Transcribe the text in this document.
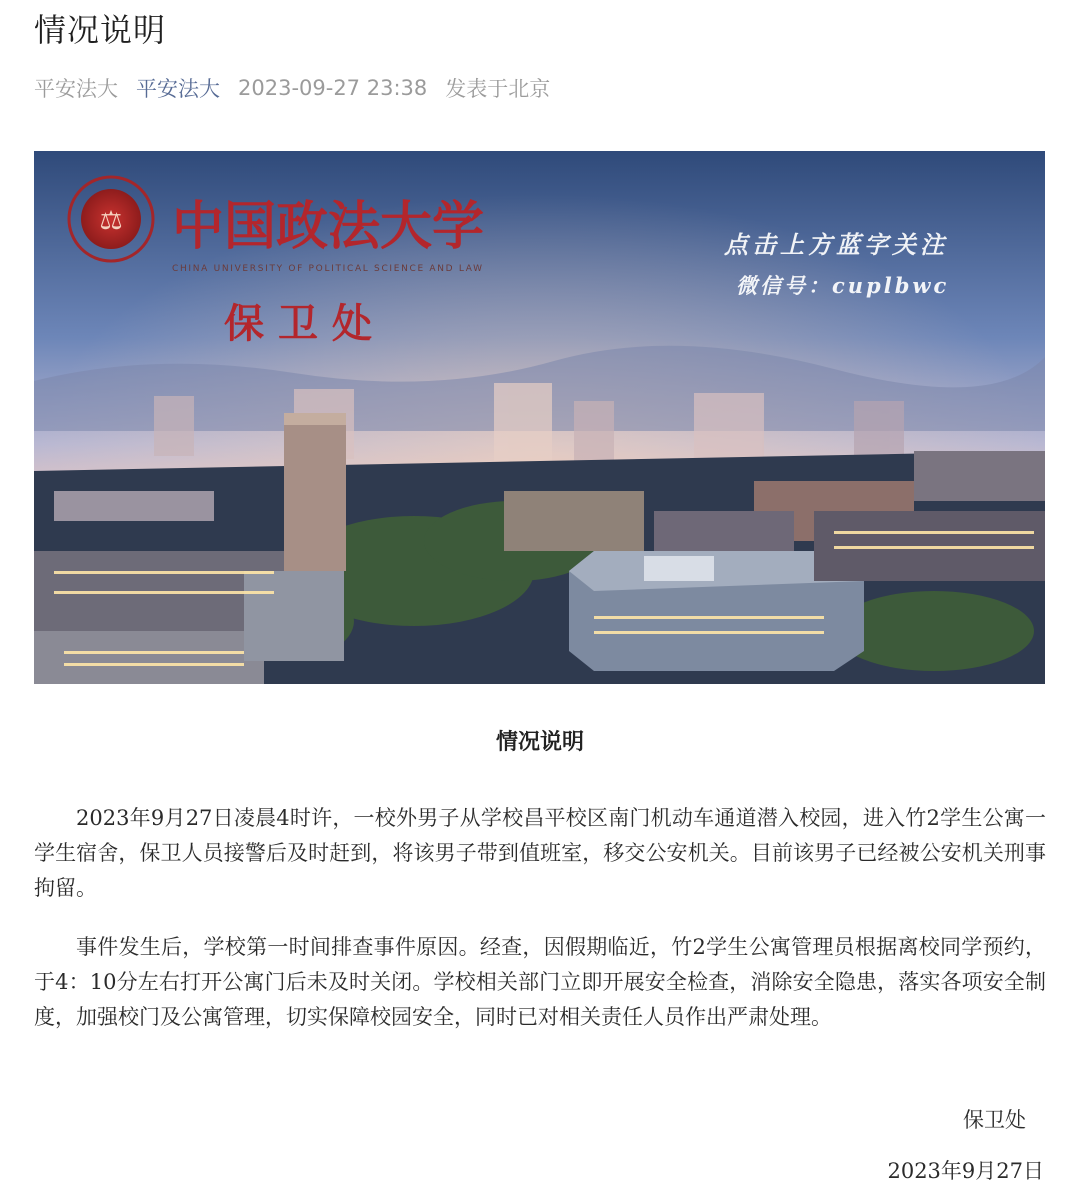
情况说明
平安法大 平安法大 2023-09-27 23:38 发表于北京
⚖ 中国政法大学
CHINA UNIVERSITY OF POLITICAL SCIENCE AND LAW
保卫处
点击上方蓝字关注
微信号：cuplbwc
情况说明

2023年9月27日凌晨4时许，一校外男子从学校昌平校区南门机动车通道潜入校园，进入竹2学生公寓一学生宿舍，保卫人员接警后及时赶到，将该男子带到值班室，移交公安机关。目前该男子已经被公安机关刑事拘留。

事件发生后，学校第一时间排查事件原因。经查，因假期临近，竹2学生公寓管理员根据离校同学预约，于4：10分左右打开公寓门后未及时关闭。学校相关部门立即开展安全检查，消除安全隐患，落实各项安全制度，加强校门及公寓管理，切实保障校园安全，同时已对相关责任人员作出严肃处理。

保卫处
2023年9月27日
